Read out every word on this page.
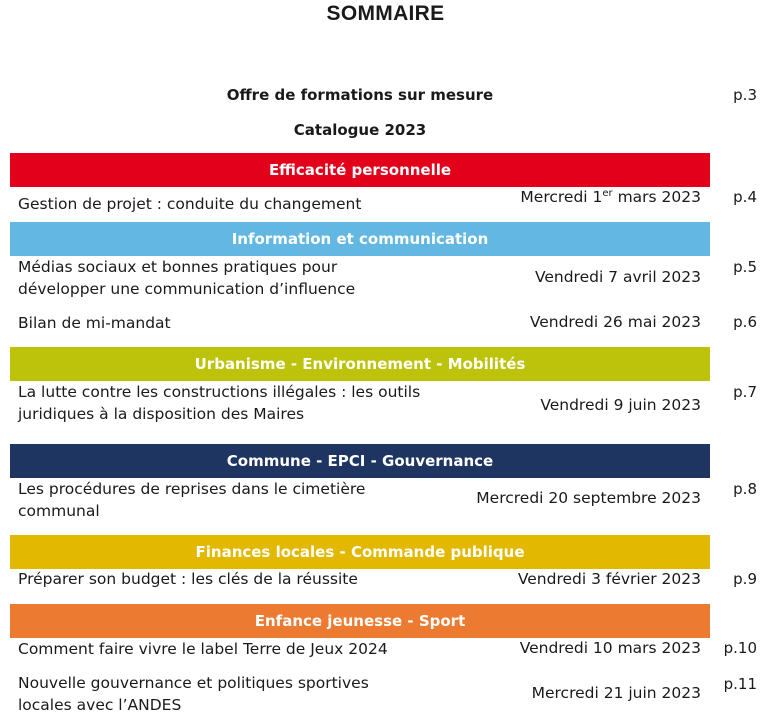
SOMMAIRE
Offre de formations sur mesure	p.3
Catalogue 2023
Efficacité personnelle
Gestion de projet : conduite du changement	Mercredi 1er mars 2023 p.4
Information et communication
Médias sociaux et bonnes pratiques pour
développer une communication d’influence
Vendredi 7 avril 2023
p.5
Bilan de mi-mandat	Vendredi 26 mai 2023 p.6
Urbanisme - Environnement - Mobilités
La lutte contre les constructions illégales : les outils
juridiques à la disposition des Maires	Vendredi 9 juin 2023
p.7
Commune - EPCI - Gouvernance
Les procédures de reprises dans le cimetière
communal
Mercredi 20 septembre 2023 p.8
Finances locales - Commande publique
Préparer son budget : les clés de la réussite	Vendredi 3 février 2023 p.9
Enfance jeunesse - Sport
Comment faire vivre le label Terre de Jeux 2024	Vendredi 10 mars 2023 p.10
Nouvelle gouvernance et politiques sportives
locales avec l’ANDES
Mercredi 21 juin 2023 p.11
